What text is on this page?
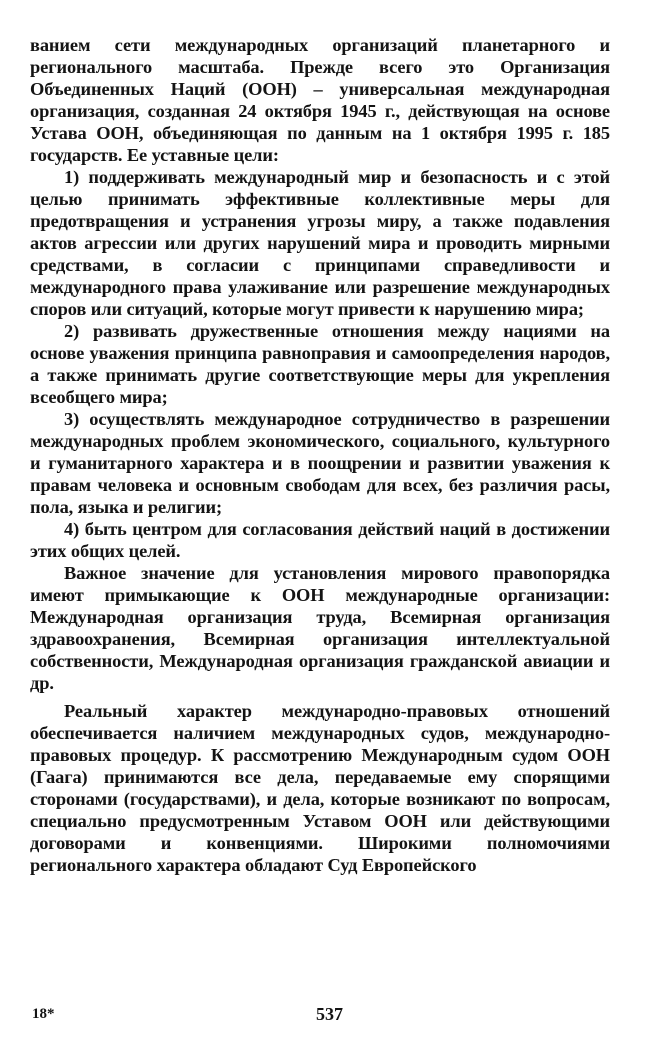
ванием сети международных организаций планетарного и регионального масштаба. Прежде всего это Организация Объединенных Наций (ООН) – универсальная международная организация, созданная 24 октября 1945 г., действующая на основе Устава ООН, объединяющая по данным на 1 октября 1995 г. 185 государств. Ее уставные цели:

1) поддерживать международный мир и безопасность и с этой целью принимать эффективные коллективные меры для предотвращения и устранения угрозы миру, а также подавления актов агрессии или других нарушений мира и проводить мирными средствами, в согласии с принципами справедливости и международного права улаживание или разрешение международных споров или ситуаций, которые могут привести к нарушению мира;

2) развивать дружественные отношения между нациями на основе уважения принципа равноправия и самоопределения народов, а также принимать другие соответствующие меры для укрепления всеобщего мира;

3) осуществлять международное сотрудничество в разрешении международных проблем экономического, социального, культурного и гуманитарного характера и в поощрении и развитии уважения к правам человека и основным свободам для всех, без различия расы, пола, языка и религии;

4) быть центром для согласования действий наций в достижении этих общих целей.

Важное значение для установления мирового правопорядка имеют примыкающие к ООН международные организации: Международная организация труда, Всемирная организация здравоохранения, Всемирная организация интеллектуальной собственности, Международная организация гражданской авиации и др.

Реальный характер международно-правовых отношений обеспечивается наличием международных судов, международно-правовых процедур. К рассмотрению Международным судом ООН (Гаага) принимаются все дела, передаваемые ему спорящими сторонами (государствами), и дела, которые возникают по вопросам, специально предусмотренным Уставом ООН или действующими договорами и конвенциями. Широкими полномочиями регионального характера обладают Суд Европейского

18*	537
